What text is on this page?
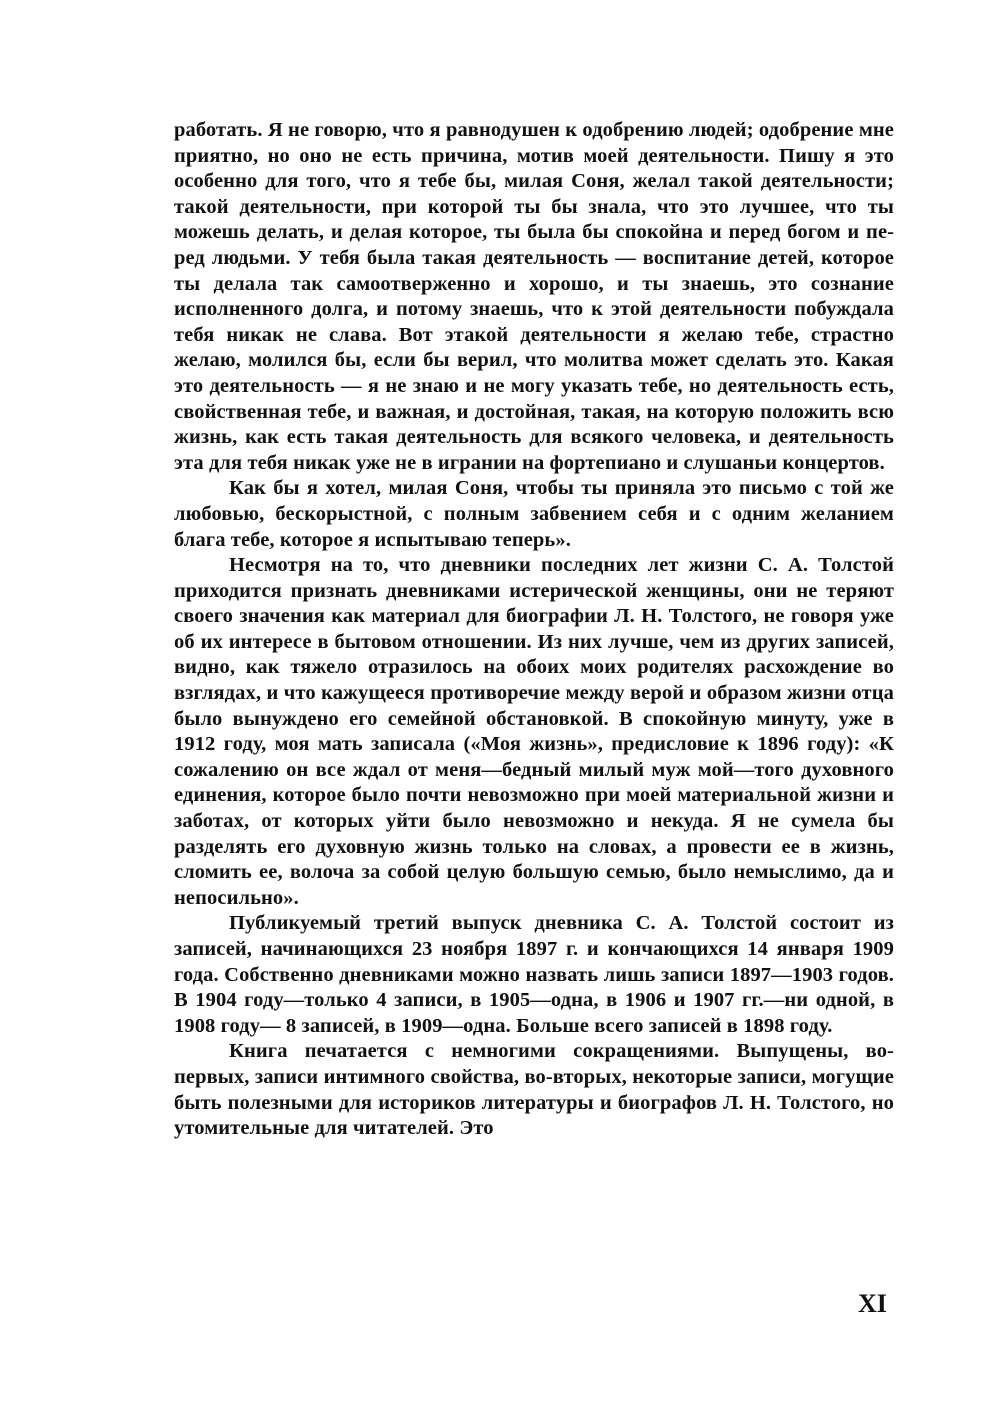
работать. Я не говорю, что я равнодушен к одобрению людей; одобрение мне приятно, но оно не есть причина, мотив моей деятельности. Пишу я это особенно для того, что я тебе бы, милая Соня, желал такой деятельности; такой деятельности, при которой ты бы знала, что это лучшее, что ты можешь делать, и делая которое, ты была бы спокойна и перед богом и перед людьми. У тебя была такая деятельность — воспитание детей, которое ты делала так самоотверженно и хорошо, и ты знаешь, это сознание исполненного долга, и потому знаешь, что к этой деятельности побуждала тебя никак не слава. Вот этакой деятельности я желаю тебе, страстно желаю, молился бы, если бы верил, что молитва может сделать это. Какая это деятельность — я не знаю и не могу указать тебе, но деятельность есть, свойственная тебе, и важная, и достойная, такая, на которую положить всю жизнь, как есть такая деятельность для всякого человека, и деятельность эта для тебя никак уже не в игрании на фортепиано и слушаньи концертов.

Как бы я хотел, милая Соня, чтобы ты приняла это письмо с той же любовью, бескорыстной, с полным забвением себя и с одним желанием блага тебе, которое я испытываю теперь».

Несмотря на то, что дневники последних лет жизни С. А. Толстой приходится признать дневниками истерической женщины, они не теряют своего значения как материал для биографии Л. Н. Толстого, не говоря уже об их интересе в бытовом отношении. Из них лучше, чем из других записей, видно, как тяжело отразилось на обоих моих родителях расхождение во взглядах, и что кажущееся противоречие между верой и образом жизни отца было вынуждено его семейной обстановкой. В спокойную минуту, уже в 1912 году, моя мать записала («Моя жизнь», предисловие к 1896 году): «К сожалению он все ждал от меня—бедный милый муж мой—того духовного единения, которое было почти невозможно при моей материальной жизни и заботах, от которых уйти было невозможно и некуда. Я не сумела бы разделять его духовную жизнь только на словах, а провести ее в жизнь, сломить ее, волоча за собой целую большую семью, было немыслимо, да и непосильно».

Публикуемый третий выпуск дневника С. А. Толстой состоит из записей, начинающихся 23 ноября 1897 г. и кончающихся 14 января 1909 года. Собственно дневниками можно назвать лишь записи 1897—1903 годов. В 1904 году—только 4 записи, в 1905—одна, в 1906 и 1907 гг.—ни одной, в 1908 году— 8 записей, в 1909—одна. Больше всего записей в 1898 году.

Книга печатается с немногими сокращениями. Выпущены, во-первых, записи интимного свойства, во-вторых, некоторые записи, могущие быть полезными для историков литературы и биографов Л. Н. Толстого, но утомительные для читателей. Это

XI
